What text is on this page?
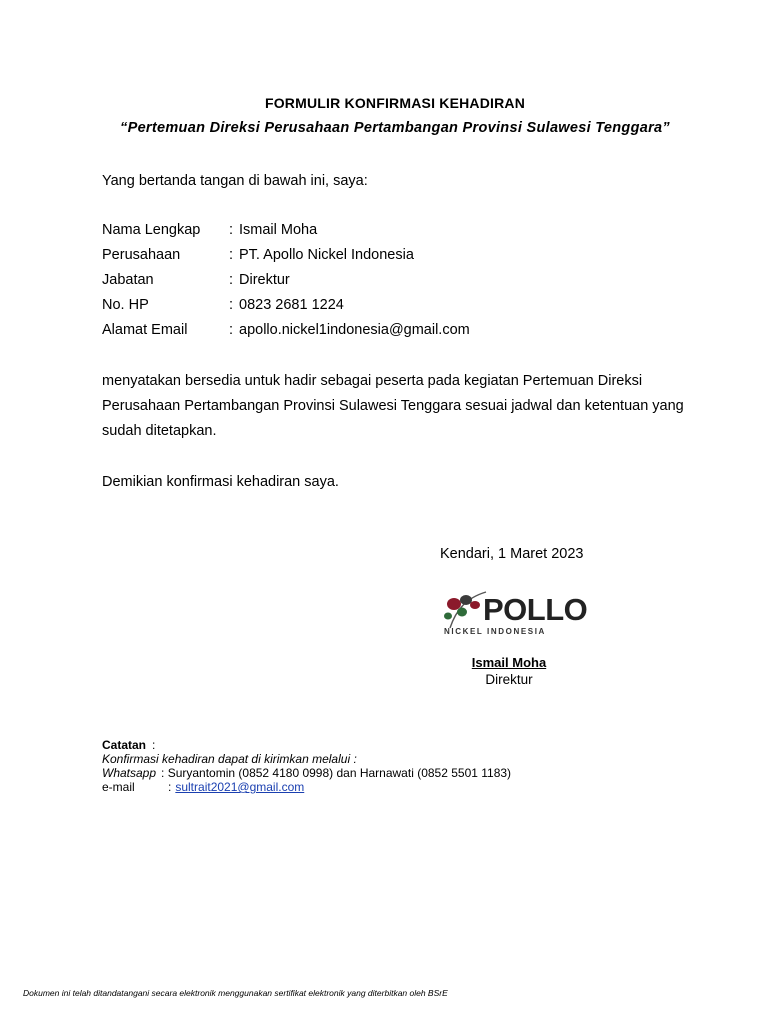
FORMULIR KONFIRMASI KEHADIRAN
“Pertemuan Direksi Perusahaan Pertambangan Provinsi Sulawesi Tenggara”
Yang bertanda tangan di bawah ini, saya:
Nama Lengkap	: Ismail Moha
Perusahaan	: PT. Apollo Nickel Indonesia
Jabatan	: Direktur
No. HP	: 0823 2681 1224
Alamat Email	: apollo.nickel1indonesia@gmail.com
menyatakan bersedia untuk hadir sebagai peserta pada kegiatan Pertemuan Direksi Perusahaan Pertambangan Provinsi Sulawesi Tenggara sesuai jadwal dan ketentuan yang sudah ditetapkan.
Demikian konfirmasi kehadiran saya.
Kendari, 1 Maret 2023
POLLO
NICKEL INDONESIA
Ismail Moha
Direktur
Catatan :
Konfirmasi kehadiran dapat di kirimkan melalui :
Whatsapp : Suryantomin (0852 4180 0998) dan Harnawati (0852 5501 1183)
e-mail	: sultrait2021@gmail.com
Dokumen ini telah ditandatangani secara elektronik menggunakan sertifikat elektronik yang diterbitkan oleh BSrE
